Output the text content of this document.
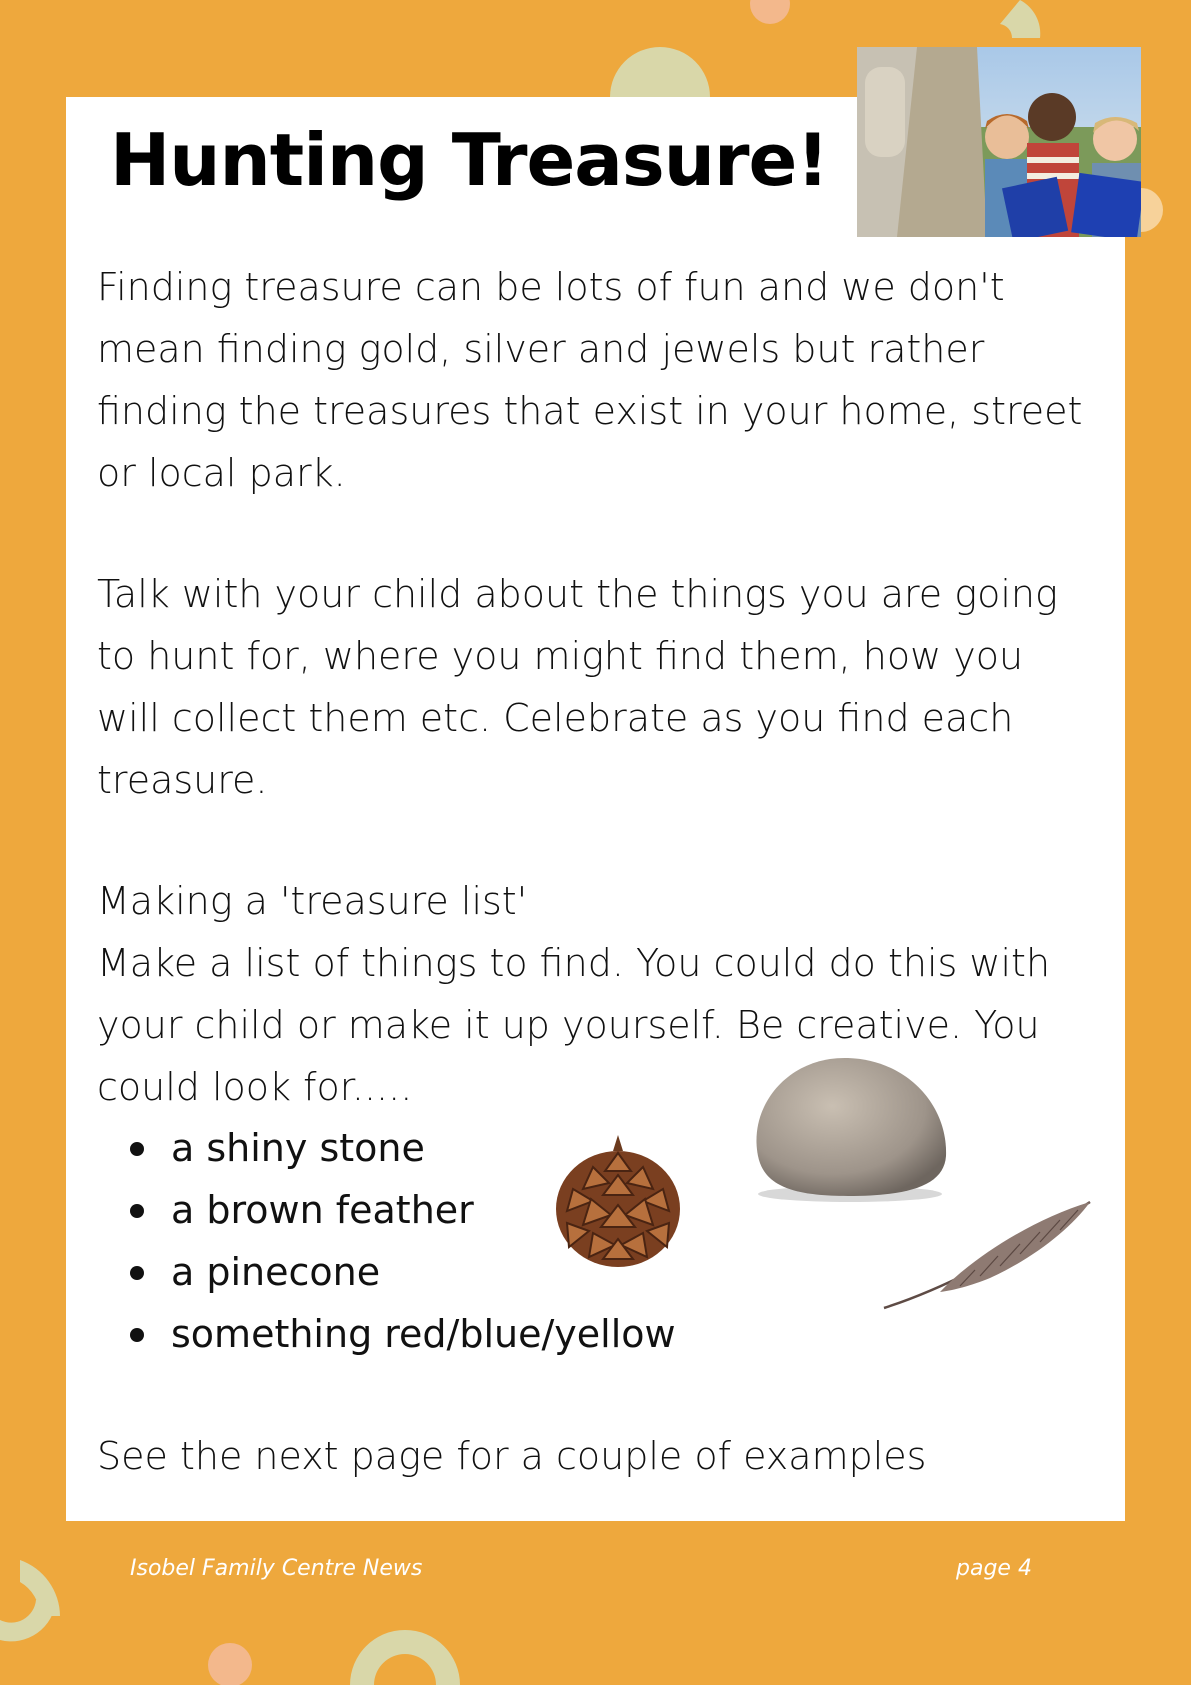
Hunting Treasure!

Finding treasure can be lots of fun and we don't mean finding gold, silver and jewels but rather finding the treasures that exist in your home, street or local park.

Talk with your child about the things you are going to hunt for, where you might find them, how you will collect them etc. Celebrate as you find each treasure.

Making a 'treasure list'

Make a list of things to find. You could do this with your child or make it up yourself. Be creative. You could look for.....

a shiny stone
a brown feather
a pinecone
something red/blue/yellow

See the next page for a couple of examples

Isobel Family Centre News	page 4
